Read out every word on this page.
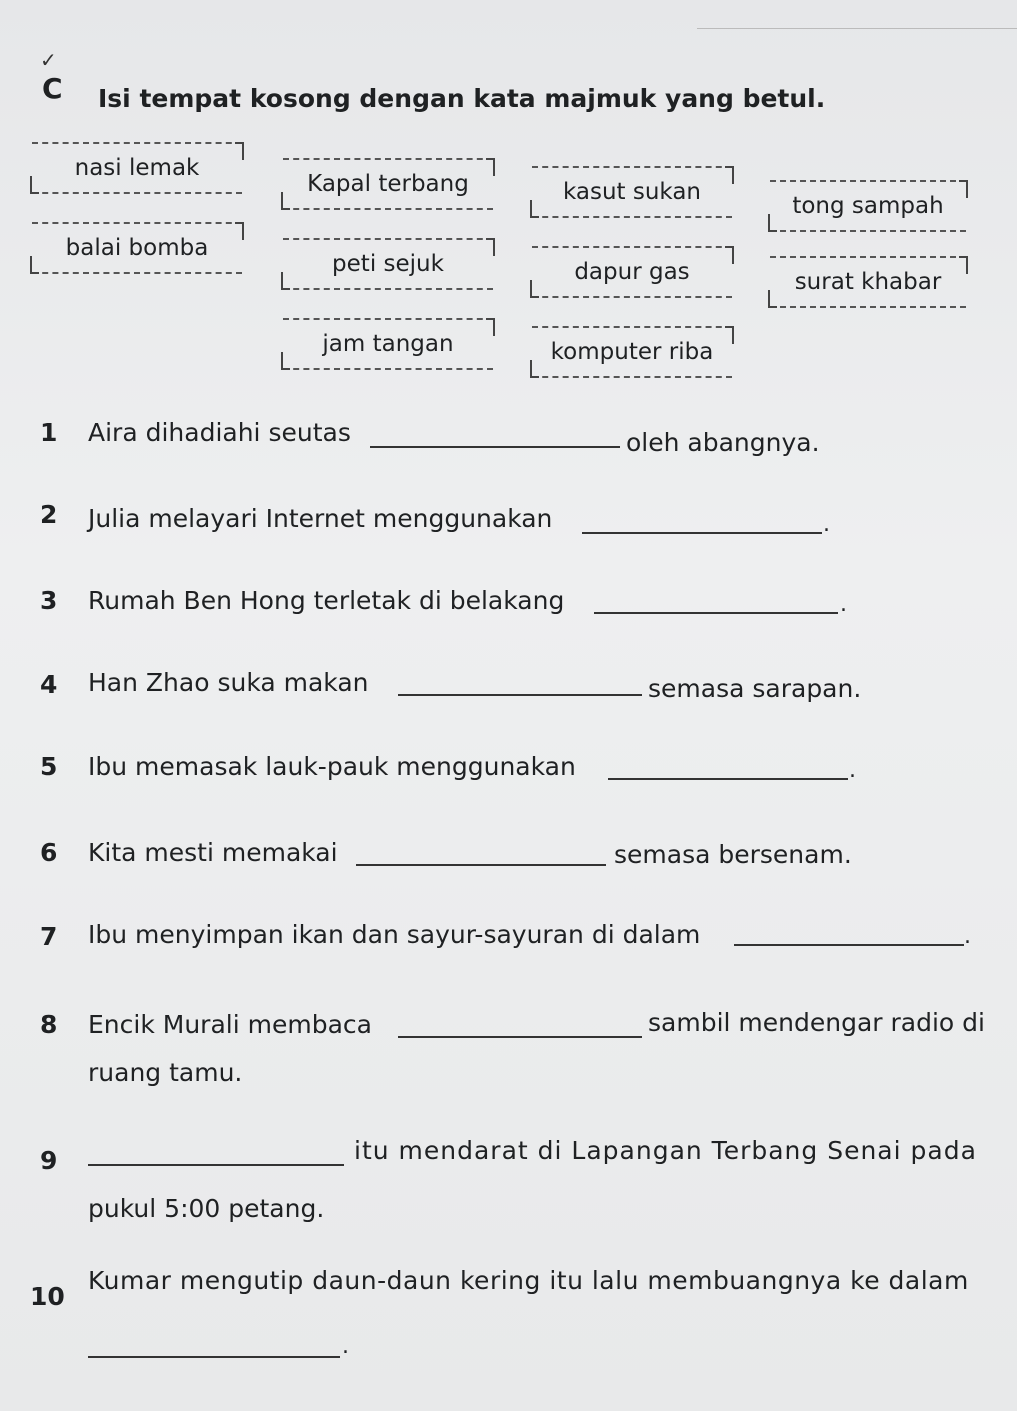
✓
C Isi tempat kosong dengan kata majmuk yang betul.
nasi lemak
Kapal terbang	kasut sukan
tong sampah
balai bomba
peti sejuk	dapur gas	surat khabar
jam tangan	komputer riba
1 Aira dihadiahi seutas	oleh abangnya.
2 Julia melayari Internet menggunakan	.
3 Rumah Ben Hong terletak di belakang	.
4 Han Zhao suka makan	semasa sarapan.
5 Ibu memasak lauk-pauk menggunakan	.
6 Kita mesti memakai	semasa bersenam.
7 Ibu menyimpan ikan dan sayur-sayuran di dalam	.
8 Encik Murali membaca	sambil mendengar radio di
ruang tamu.
9	itu mendarat di Lapangan Terbang Senai pada
pukul 5:00 petang.
10
Kumar mengutip daun-daun kering itu lalu membuangnya ke dalam
.
